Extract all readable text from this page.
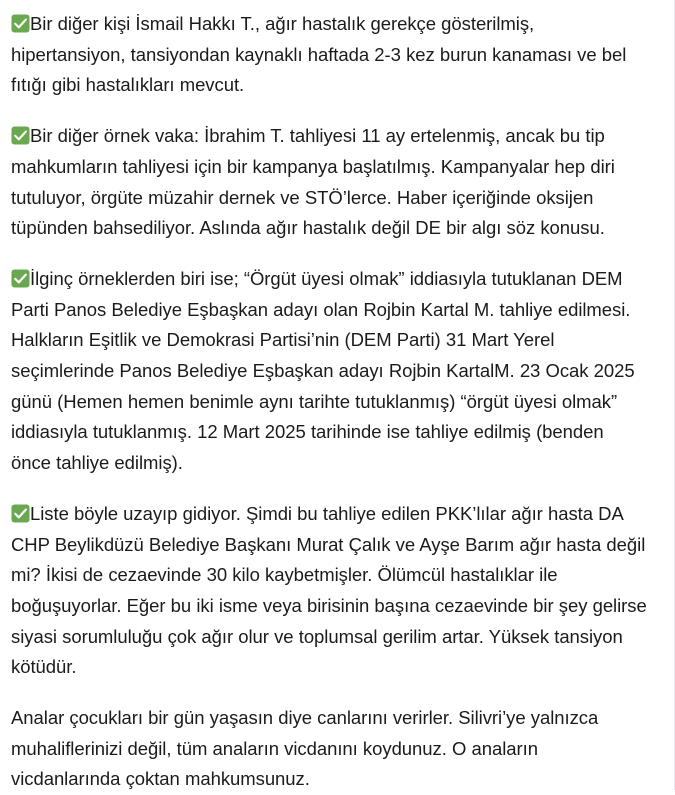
Bir diğer kişi İsmail Hakkı T., ağır hastalık gerekçe gösterilmiş, hipertansiyon, tansiyondan kaynaklı haftada 2-3 kez burun kanaması ve bel fıtığı gibi hastalıkları mevcut.

Bir diğer örnek vaka: İbrahim T. tahliyesi 11 ay ertelenmiş, ancak bu tip mahkumların tahliyesi için bir kampanya başlatılmış. Kampanyalar hep diri tutuluyor, örgüte müzahir dernek ve STÖ’lerce. Haber içeriğinde oksijen tüpünden bahsediliyor. Aslında ağır hastalık değil DE bir algı söz konusu.

İlginç örneklerden biri ise; “Örgüt üyesi olmak” iddiasıyla tutuklanan DEM Parti Panos Belediye Eşbaşkan adayı olan Rojbin Kartal M. tahliye edilmesi. Halkların Eşitlik ve Demokrasi Partisi’nin (DEM Parti) 31 Mart Yerel seçimlerinde Panos Belediye Eşbaşkan adayı Rojbin KartalM. 23 Ocak 2025 günü (Hemen hemen benimle aynı tarihte tutuklanmış) “örgüt üyesi olmak” iddiasıyla tutuklanmış. 12 Mart 2025 tarihinde ise tahliye edilmiş (benden önce tahliye edilmiş).

Liste böyle uzayıp gidiyor. Şimdi bu tahliye edilen PKK’lılar ağır hasta DA CHP Beylikdüzü Belediye Başkanı Murat Çalık ve Ayşe Barım ağır hasta değil mi? İkisi de cezaevinde 30 kilo kaybetmişler. Ölümcül hastalıklar ile boğuşuyorlar. Eğer bu iki isme veya birisinin başına cezaevinde bir şey gelirse siyasi sorumluluğu çok ağır olur ve toplumsal gerilim artar. Yüksek tansiyon kötüdür.

Analar çocukları bir gün yaşasın diye canlarını verirler. Silivri’ye yalnızca muhaliflerinizi değil, tüm anaların vicdanını koydunuz. O anaların vicdanlarında çoktan mahkumsunuz.
